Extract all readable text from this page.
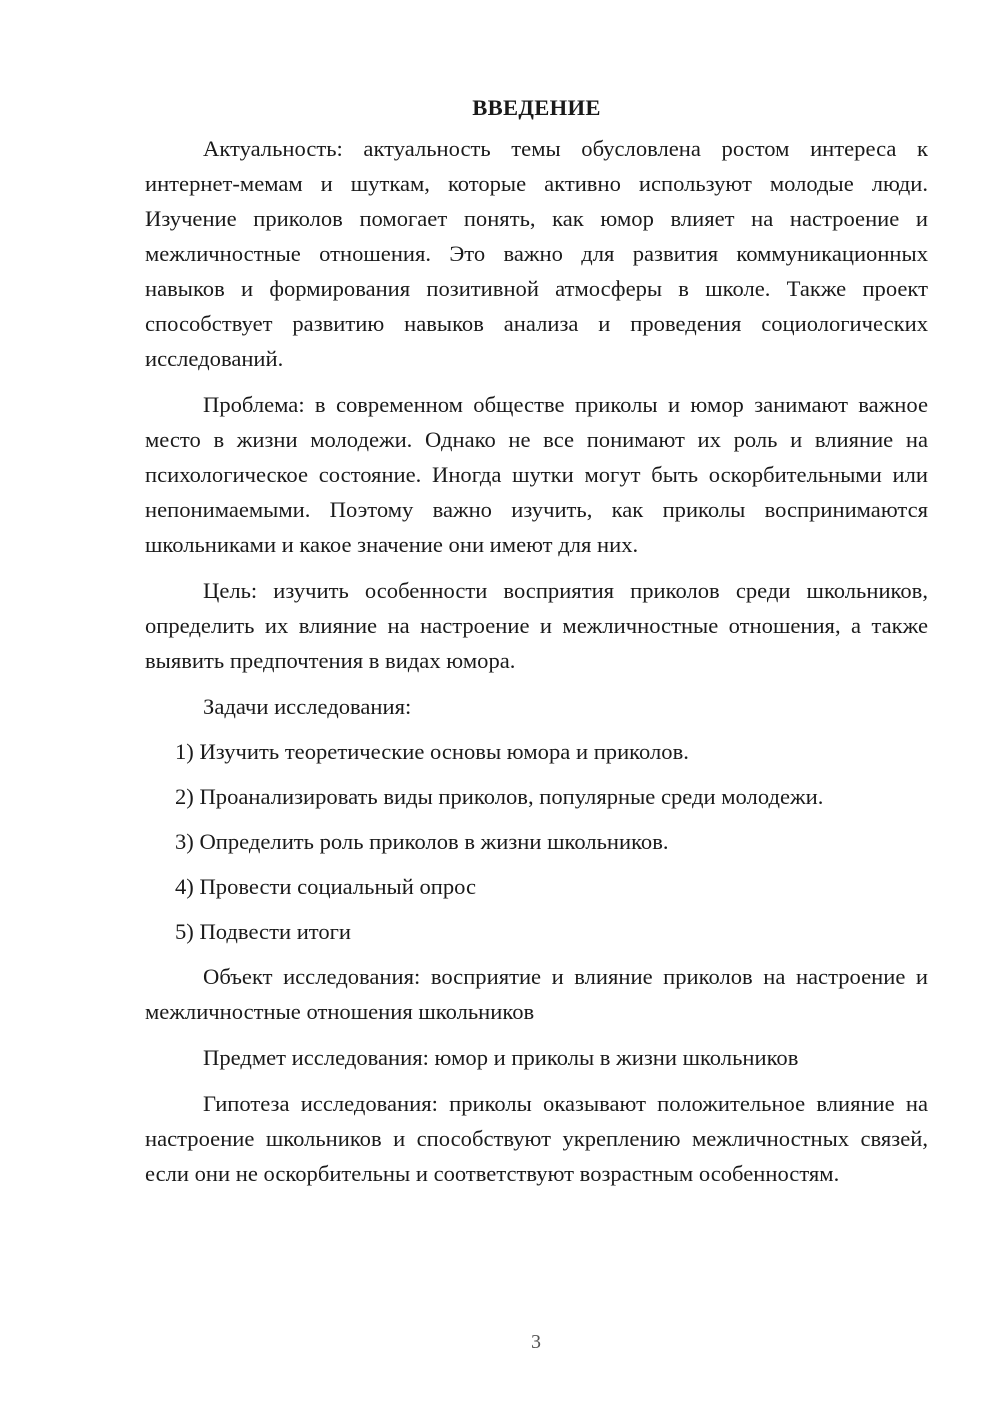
ВВЕДЕНИЕ

Актуальность: актуальность темы обусловлена ростом интереса к интернет-мемам и шуткам, которые активно используют молодые люди. Изучение приколов помогает понять, как юмор влияет на настроение и межличностные отношения. Это важно для развития коммуникационных навыков и формирования позитивной атмосферы в школе. Также проект способствует развитию навыков анализа и проведения социологических исследований.

Проблема: в современном обществе приколы и юмор занимают важное место в жизни молодежи. Однако не все понимают их роль и влияние на психологическое состояние. Иногда шутки могут быть оскорбительными или непонимаемыми. Поэтому важно изучить, как приколы воспринимаются школьниками и какое значение они имеют для них.

Цель: изучить особенности восприятия приколов среди школьников, определить их влияние на настроение и межличностные отношения, а также выявить предпочтения в видах юмора.

Задачи исследования:
1) Изучить теоретические основы юмора и приколов.
2) Проанализировать виды приколов, популярные среди молодежи.
3) Определить роль приколов в жизни школьников.
4) Провести социальный опрос
5) Подвести итоги

Объект исследования: восприятие и влияние приколов на настроение и межличностные отношения школьников

Предмет исследования: юмор и приколы в жизни школьников

Гипотеза исследования: приколы оказывают положительное влияние на настроение школьников и способствуют укреплению межличностных связей, если они не оскорбительны и соответствуют возрастным особенностям.

3
